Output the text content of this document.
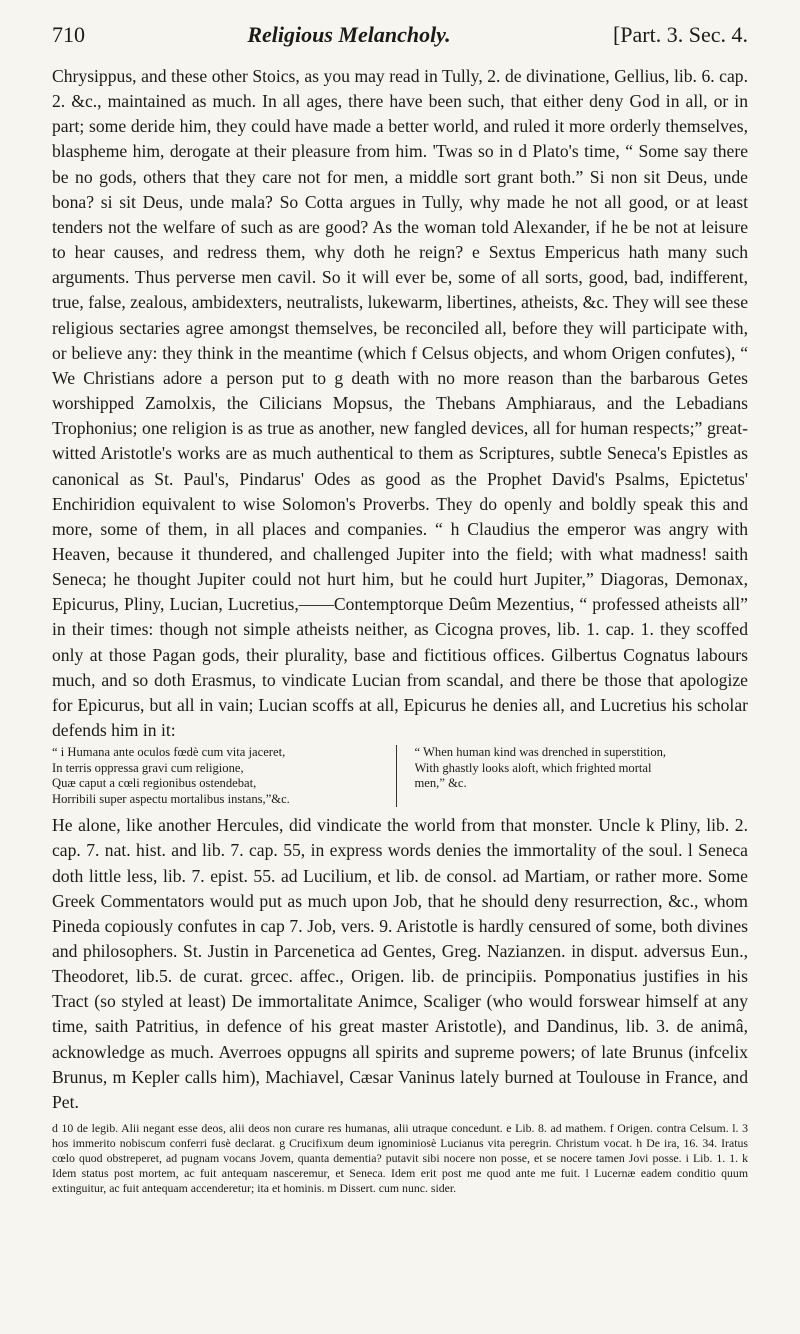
710	Religious Melancholy.	[Part. 3. Sec. 4.

Chrysippus, and these other Stoics, as you may read in Tully, 2. de divinatione, Gellius, lib. 6. cap. 2. &c., maintained as much. In all ages, there have been such, that either deny God in all, or in part; some deride him, they could have made a better world, and ruled it more orderly themselves, blaspheme him, derogate at their pleasure from him. 'Twas so in d Plato's time, “ Some say there be no gods, others that they care not for men, a middle sort grant both.” Si non sit Deus, unde bona? si sit Deus, unde mala? So Cotta argues in Tully, why made he not all good, or at least tenders not the welfare of such as are good? As the woman told Alexander, if he be not at leisure to hear causes, and redress them, why doth he reign? e Sextus Empericus hath many such arguments. Thus perverse men cavil. So it will ever be, some of all sorts, good, bad, indifferent, true, false, zealous, ambidexters, neutralists, lukewarm, libertines, atheists, &c. They will see these religious sectaries agree amongst themselves, be reconciled all, before they will participate with, or believe any: they think in the meantime (which f Celsus objects, and whom Origen confutes), “ We Christians adore a person put to g death with no more reason than the barbarous Getes worshipped Zamolxis, the Cilicians Mopsus, the Thebans Amphiaraus, and the Lebadians Trophonius; one religion is as true as another, new fangled devices, all for human respects;” great-witted Aristotle's works are as much authentical to them as Scriptures, subtle Seneca's Epistles as canonical as St. Paul's, Pindarus' Odes as good as the Prophet David's Psalms, Epictetus' Enchiridion equivalent to wise Solomon's Proverbs. They do openly and boldly speak this and more, some of them, in all places and companies. “ h Claudius the emperor was angry with Heaven, because it thundered, and challenged Jupiter into the field; with what madness! saith Seneca; he thought Jupiter could not hurt him, but he could hurt Jupiter,” Diagoras, Demonax, Epicurus, Pliny, Lucian, Lucretius,——Contemptorque Deûm Mezentius, “ professed atheists all” in their times: though not simple atheists neither, as Cicogna proves, lib. 1. cap. 1. they scoffed only at those Pagan gods, their plurality, base and fictitious offices. Gilbertus Cognatus labours much, and so doth Erasmus, to vindicate Lucian from scandal, and there be those that apologize for Epicurus, but all in vain; Lucian scoffs at all, Epicurus he denies all, and Lucretius his scholar defends him in it:

“ i Humana ante oculos fœdè cum vita jaceret,
In terris oppressa gravi cum religione,
Quæ caput a cœli regionibus ostendebat,
Horribili super aspectu mortalibus instans,”&c.
“ When human kind was drenched in superstition,
With ghastly looks aloft, which frighted mortal
men,” &c.

He alone, like another Hercules, did vindicate the world from that monster. Uncle k Pliny, lib. 2. cap. 7. nat. hist. and lib. 7. cap. 55, in express words denies the immortality of the soul. l Seneca doth little less, lib. 7. epist. 55. ad Lucilium, et lib. de consol. ad Martiam, or rather more. Some Greek Commentators would put as much upon Job, that he should deny resurrection, &c., whom Pineda copiously confutes in cap 7. Job, vers. 9. Aristotle is hardly censured of some, both divines and philosophers. St. Justin in Parcenetica ad Gentes, Greg. Nazianzen. in disput. adversus Eun., Theodoret, lib.5. de curat. grcec. affec., Origen. lib. de principiis. Pomponatius justifies in his Tract (so styled at least) De immortalitate Animce, Scaliger (who would forswear himself at any time, saith Patritius, in defence of his great master Aristotle), and Dandinus, lib. 3. de animâ, acknowledge as much. Averroes oppugns all spirits and supreme powers; of late Brunus (infcelix Brunus, m Kepler calls him), Machiavel, Cæsar Vaninus lately burned at Toulouse in France, and Pet.

d 10 de legib. Alii negant esse deos, alii deos non curare res humanas, alii utraque concedunt. e Lib. 8. ad mathem. f Origen. contra Celsum. l. 3 hos immerito nobiscum conferri fusè declarat. g Crucifixum deum ignominiosè Lucianus vita peregrin. Christum vocat. h De ira, 16. 34. Iratus cœlo quod obstreperet, ad pugnam vocans Jovem, quanta dementia? putavit sibi nocere non posse, et se nocere tamen Jovi posse. i Lib. 1. 1. k Idem status post mortem, ac fuit antequam nasceremur, et Seneca. Idem erit post me quod ante me fuit. l Lucernæ eadem conditio quum extinguitur, ac fuit antequam accenderetur; ita et hominis. m Dissert. cum nunc. sider.
